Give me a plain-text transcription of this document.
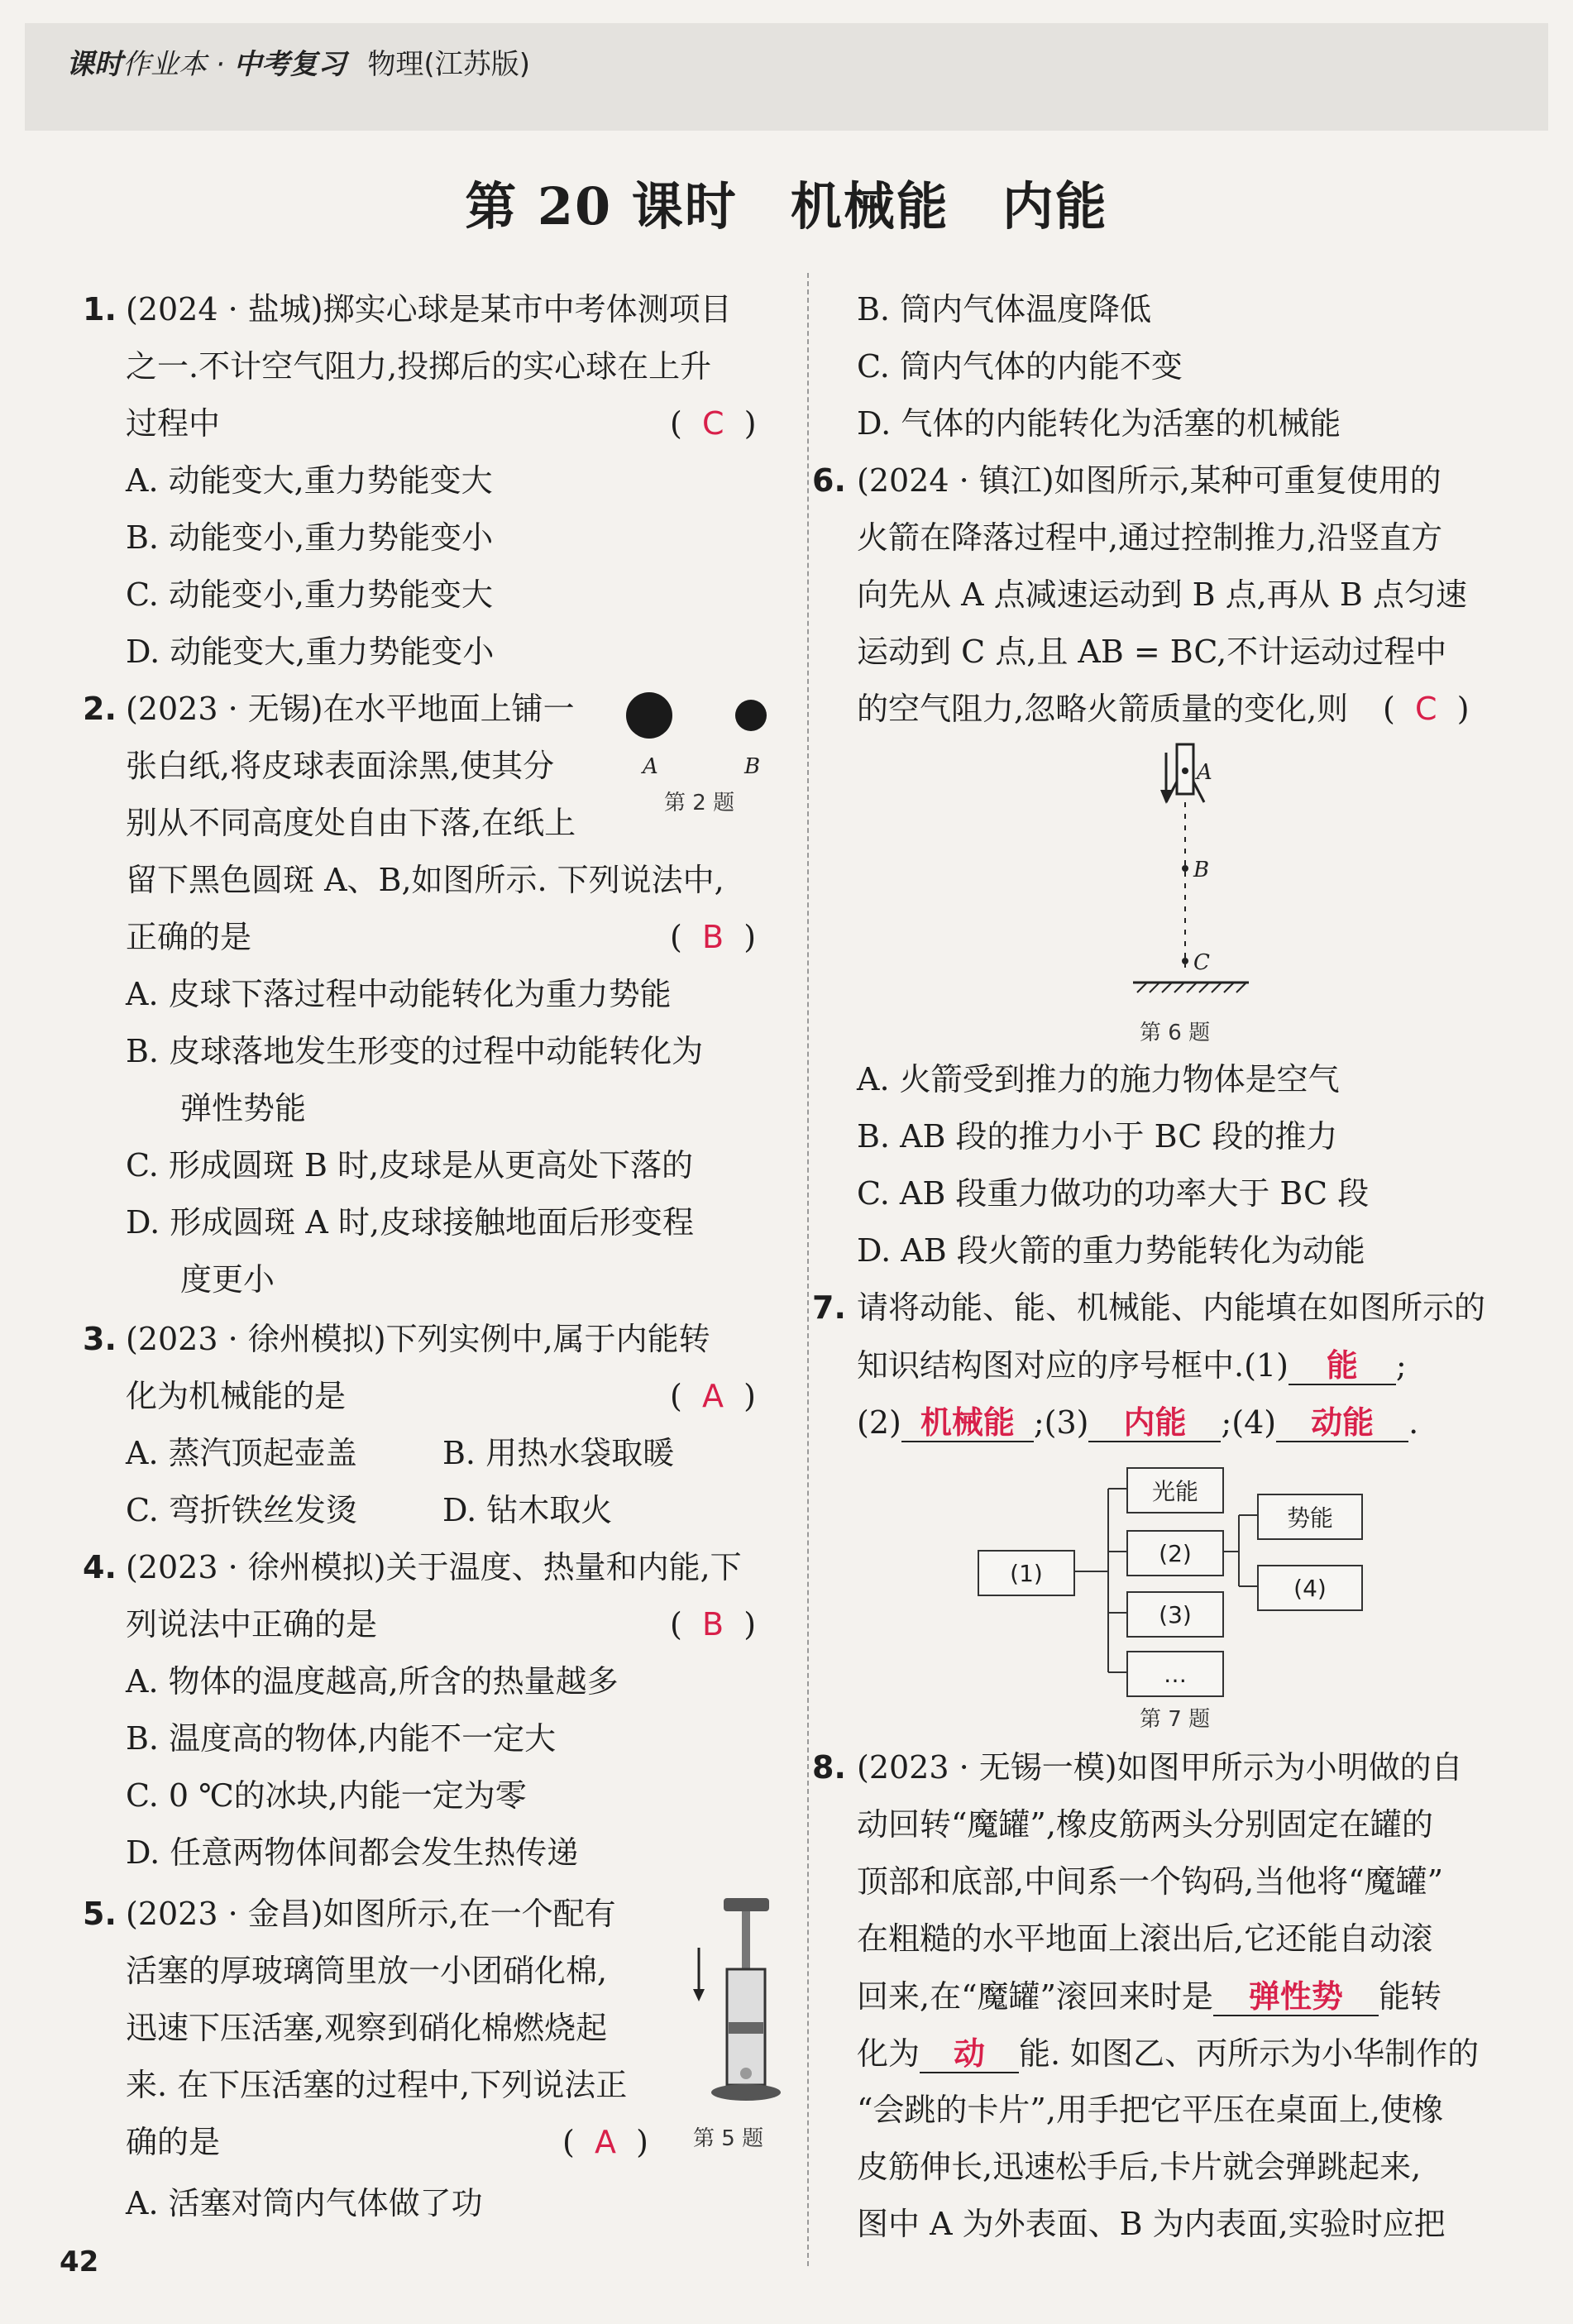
课时作业本 · 中考复习 物理(江苏版)
第 20 课时　机械能　内能
1. (2024 · 盐城)掷实心球是某市中考体测项目
之一.不计空气阻力,投掷后的实心球在上升
过程中	(  C  )
A. 动能变大,重力势能变大
B. 动能变小,重力势能变小
C. 动能变小,重力势能变大
D. 动能变大,重力势能变小
2. (2023 · 无锡)在水平地面上铺一
张白纸,将皮球表面涂黑,使其分
别从不同高度处自由下落,在纸上
留下黑色圆斑 A、B,如图所示. 下列说法中,
正确的是	(  B  )
A	B
第 2 题
A. 皮球下落过程中动能转化为重力势能
B. 皮球落地发生形变的过程中动能转化为
弹性势能
C. 形成圆斑 B 时,皮球是从更高处下落的
D. 形成圆斑 A 时,皮球接触地面后形变程
度更小
3. (2023 · 徐州模拟)下列实例中,属于内能转
化为机械能的是	(  A  )
A. 蒸汽顶起壶盖	B. 用热水袋取暖
C. 弯折铁丝发烫	D. 钻木取火
4. (2023 · 徐州模拟)关于温度、热量和内能,下
列说法中正确的是	(  B  )
A. 物体的温度越高,所含的热量越多
B. 温度高的物体,内能不一定大
C. 0 ℃的冰块,内能一定为零
D. 任意两物体间都会发生热传递
5. (2023 · 金昌)如图所示,在一个配有
活塞的厚玻璃筒里放一小团硝化棉,
迅速下压活塞,观察到硝化棉燃烧起
来. 在下压活塞的过程中,下列说法正
确的是	(  A  )
A. 活塞对筒内气体做了功
第 5 题
B. 筒内气体温度降低
C. 筒内气体的内能不变
D. 气体的内能转化为活塞的机械能
6. (2024 · 镇江)如图所示,某种可重复使用的
火箭在降落过程中,通过控制推力,沿竖直方
向先从 A 点减速运动到 B 点,再从 B 点匀速
运动到 C 点,且 AB = BC,不计运动过程中
的空气阻力,忽略火箭质量的变化,则 (  C  )
A
B
C
第 6 题
A. 火箭受到推力的施力物体是空气
B. AB 段的推力小于 BC 段的推力
C. AB 段重力做功的功率大于 BC 段
D. AB 段火箭的重力势能转化为动能
7. 请将动能、能、机械能、内能填在如图所示的
知识结构图对应的序号框中.(1) 能 ;
(2) 机械能 ;(3) 内能 ;(4) 动能 .
(1)
光能
(2)
(3)
…
势能
(4)
第 7 题
8. (2023 · 无锡一模)如图甲所示为小明做的自
动回转“魔罐”,橡皮筋两头分别固定在罐的
顶部和底部,中间系一个钩码,当他将“魔罐”
在粗糙的水平地面上滚出后,它还能自动滚
回来,在“魔罐”滚回来时是 弹性势 能转
化为 动 能. 如图乙、丙所示为小华制作的
“会跳的卡片”,用手把它平压在桌面上,使橡
皮筋伸长,迅速松手后,卡片就会弹跳起来,
图中 A 为外表面、B 为内表面,实验时应把
42
